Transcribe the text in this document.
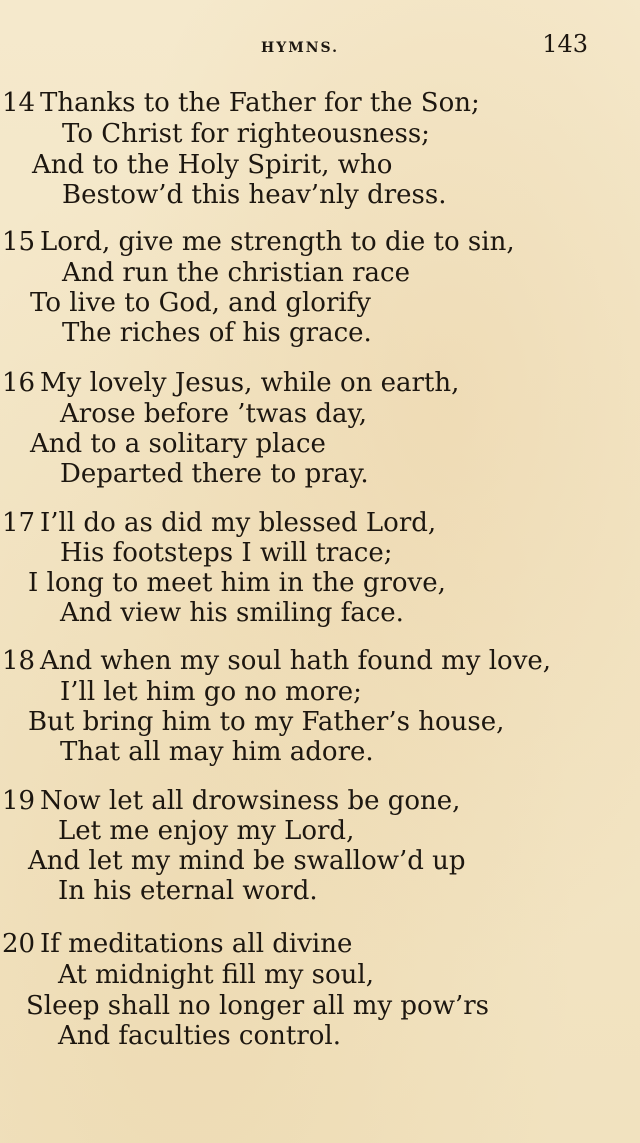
HYMNS.	143
14 Thanks to the Father for the Son;
To Christ for righteousness;
And to the Holy Spirit, who
Bestow’d this heav’nly dress.
15 Lord, give me strength to die to sin,
And run the christian race
To live to God, and glorify
The riches of his grace.
16 My lovely Jesus, while on earth,
Arose before ’twas day,
And to a solitary place
Departed there to pray.
17 I’ll do as did my blessed Lord,
His footsteps I will trace;
I long to meet him in the grove,
And view his smiling face.
18 And when my soul hath found my love,
I’ll let him go no more;
But bring him to my Father’s house,
That all may him adore.
19 Now let all drowsiness be gone,
Let me enjoy my Lord,
And let my mind be swallow’d up
In his eternal word.
20 If meditations all divine
At midnight fill my soul,
Sleep shall no longer all my pow’rs
And faculties control.
